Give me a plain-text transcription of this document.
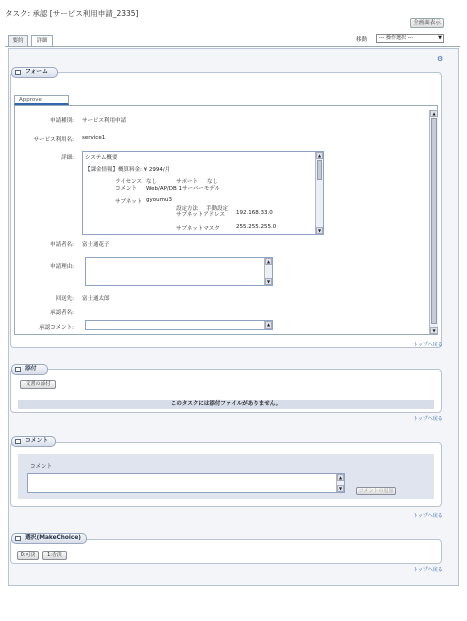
タスク: 承認 [サービス利用申請_2335]
全画面表示
要約	詳細	移動	--- 操作選択 ---	▼
⚙
フォーム
Approve
▲
▼
申請種別: サービス利用申請
サービス利用名: service1
詳細: システム概要
【課金情報】概算料金: ¥ 2994/月
ライセンス なし	サポート なし
コメント Web/AP/DB 1サーバーモデル
サブネット gyoumu3
設定方法 手動設定
サブネットアドレス 192.168.33.0
サブネットマスク	255.255.255.0
▲
▼
申請者名: 富士通花子
申請理由:
▲
▼
回送先: 富士通太郎
承認者名:
承認コメント:
▲
トップへ戻る
添付
文書の添付
このタスクには添付ファイルがありません。
トップへ戻る
コメント
コメント
▲
▼	コメントの追加
トップへ戻る
選択(MakeChoice)
0:可決	1:否決
トップへ戻る
